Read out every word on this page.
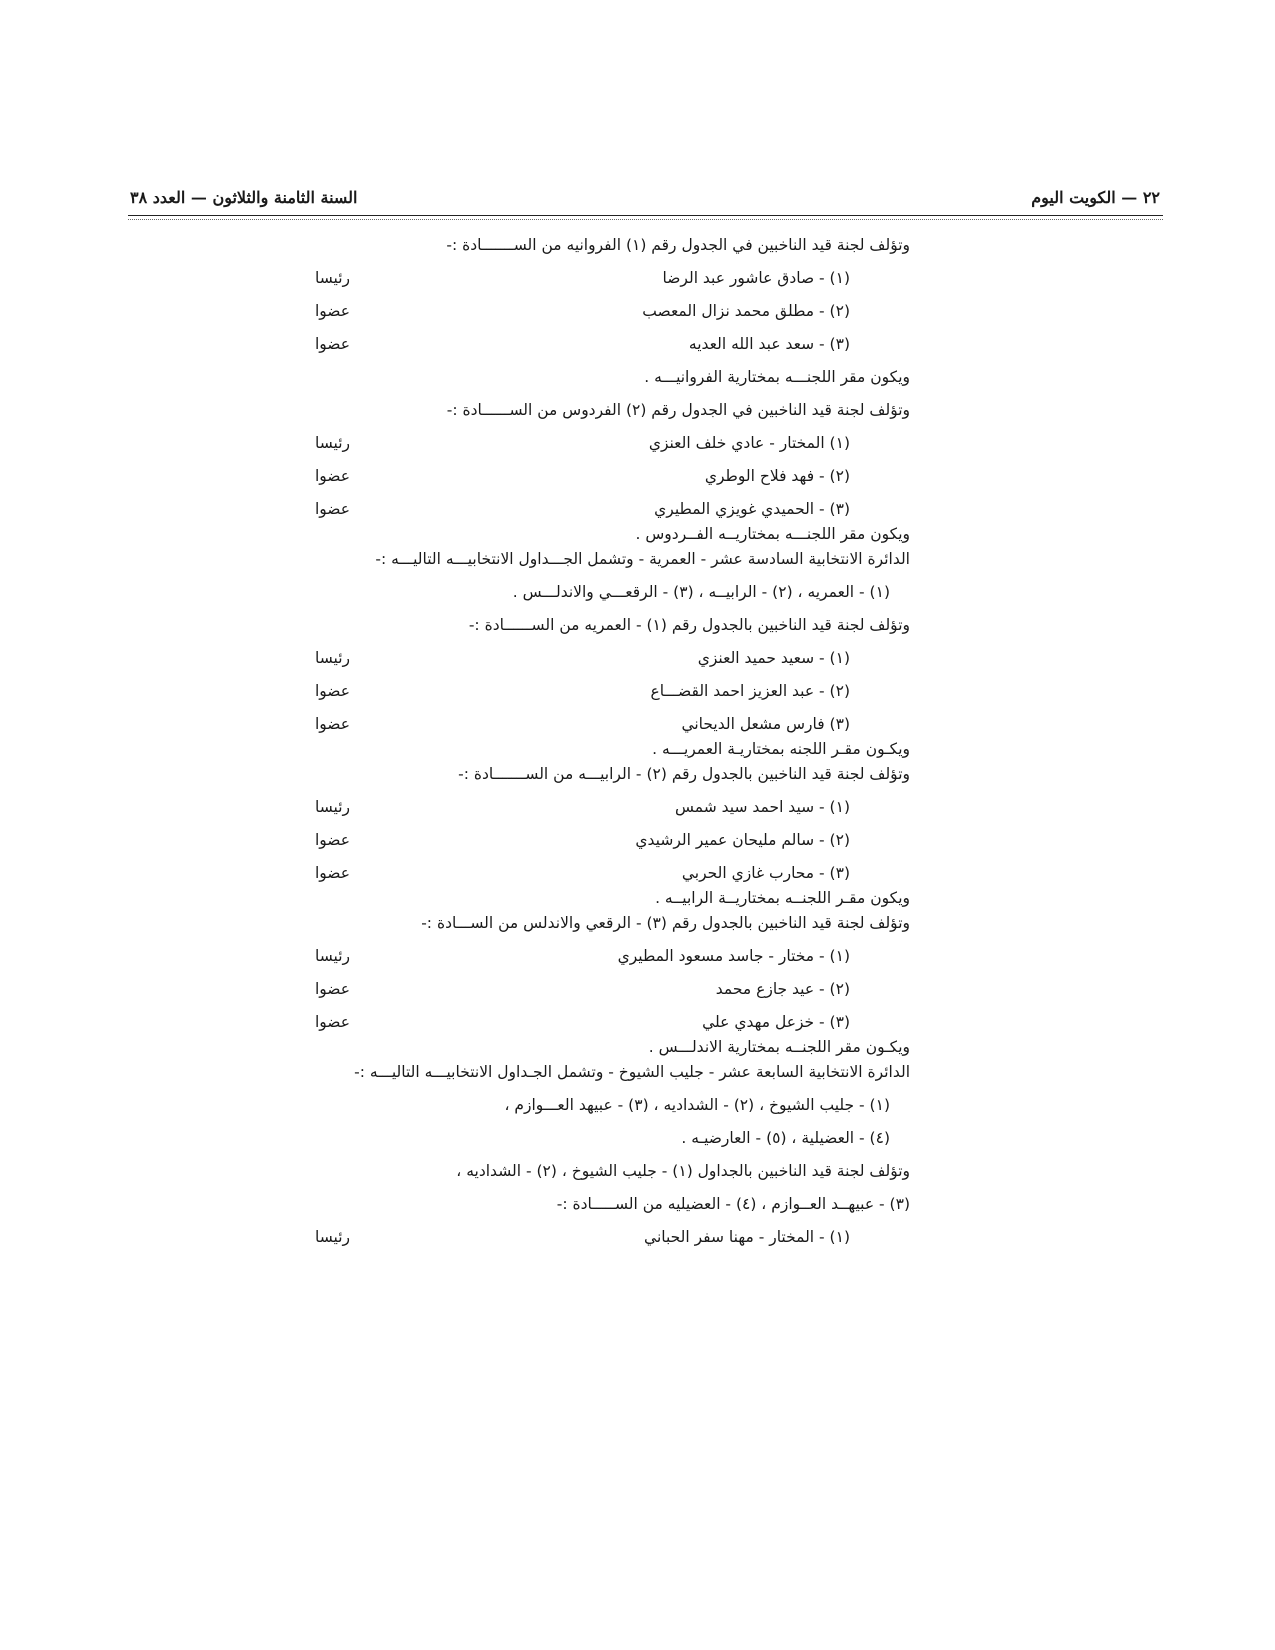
٢٢ — الكويت اليوم
السنة الثامنة والثلاثون — العدد ٣٨
وتؤلف لجنة قيد الناخبين في الجدول رقم (١) الفروانيه من الســـــــادة :-
(١) - صادق عاشور عبد الرضا
رئيسا
(٢) - مطلق محمد نزال المعصب
عضوا
(٣) - سعد عبد الله العديه
عضوا
ويكون مقر اللجنـــه بمختارية الفروانيـــه .
وتؤلف لجنة قيد الناخبين في الجدول رقم (٢) الفردوس من الســــــادة :-
(١) المختار - عادي خلف العنزي
رئيسا
(٢) - فهد فلاح الوطري
عضوا
(٣) - الحميدي غويزي المطيري
عضوا
ويكون مقر اللجنـــه بمختاريــه الفــردوس .
الدائرة الانتخابية السادسة عشر - العمرية - وتشمل الجـــداول الانتخابيـــه التاليـــه :-
(١) - العمريه ، (٢) - الرابيــه ، (٣) - الرقعـــي والاندلـــس .
وتؤلف لجنة قيد الناخبين بالجدول رقم (١) - العمريه من الســــــادة :-
(١) - سعيد حميد العنزي
رئيسا
(٢) - عبد العزيز احمد القضـــاع
عضوا
(٣) فارس مشعل الديحاني
عضوا
ويكـون مقـر اللجنه بمختاريـة العمريـــه .
وتؤلف لجنة قيد الناخبين بالجدول رقم (٢) - الرابيـــه من الســـــــادة :-
(١) - سيد احمد سيد شمس
رئيسا
(٢) - سالم مليحان عمير الرشيدي
عضوا
(٣) - محارب غازي الحربي
عضوا
ويكون مقـر اللجنــه بمختاريــة الرابيــه .
وتؤلف لجنة قيد الناخبين بالجدول رقم (٣) - الرقعي والاندلس من الســـادة :-
(١) - مختار - جاسد مسعود المطيري
رئيسا
(٢) - عيد جازع محمد
عضوا
(٣) - خزعل مهدي علي
عضوا
ويكـون مقر اللجنــه بمختارية الاندلـــس .
الدائرة الانتخابية السابعة عشر - جليب الشيوخ - وتشمل الجـداول الانتخابيـــه التاليـــه :-
(١) - جليب الشيوخ ، (٢) - الشداديه ، (٣) - عبيهد العـــوازم ،
(٤) - العضيلية ، (٥) - العارضيـه .
وتؤلف لجنة قيد الناخبين بالجداول (١) - جليب الشيوخ ، (٢) - الشداديه ،
(٣) - عبيهــد العــوازم ، (٤) - العضيليه من الســـــادة :-
(١) - المختار - مهنا سفر الحباني
رئيسا
